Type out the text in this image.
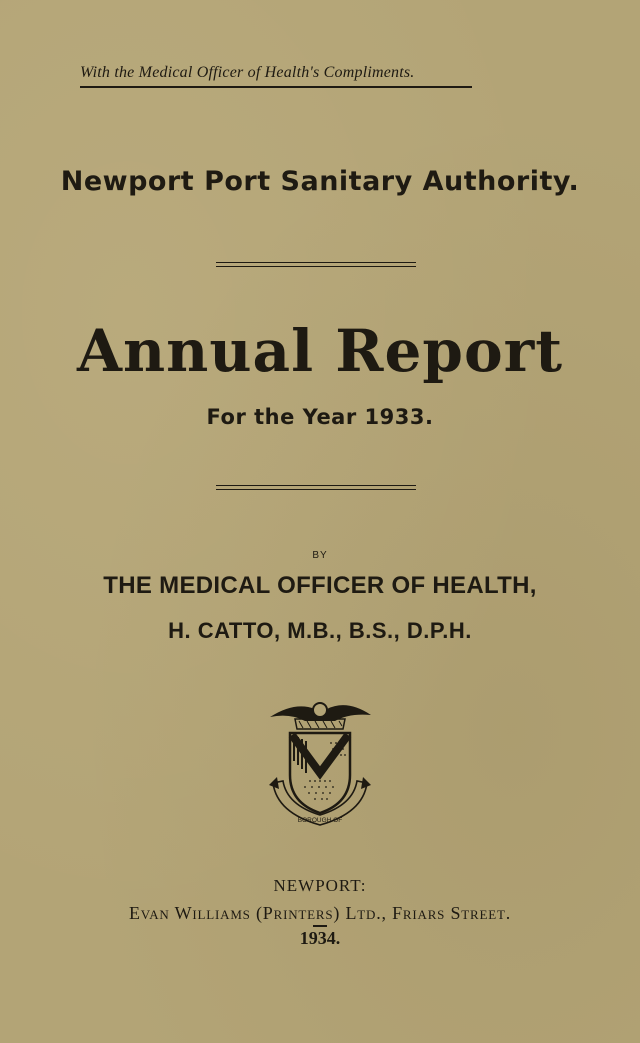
With the Medical Officer of Health's Compliments.
Newport Port Sanitary Authority.
Annual Report
For the Year 1933.
BY
THE MEDICAL OFFICER OF HEALTH,
H. CATTO, M.B., B.S., D.P.H.
BOROUGH OF
NEWPORT:
Evan Williams (Printers) Ltd., Friars Street.
1934.
